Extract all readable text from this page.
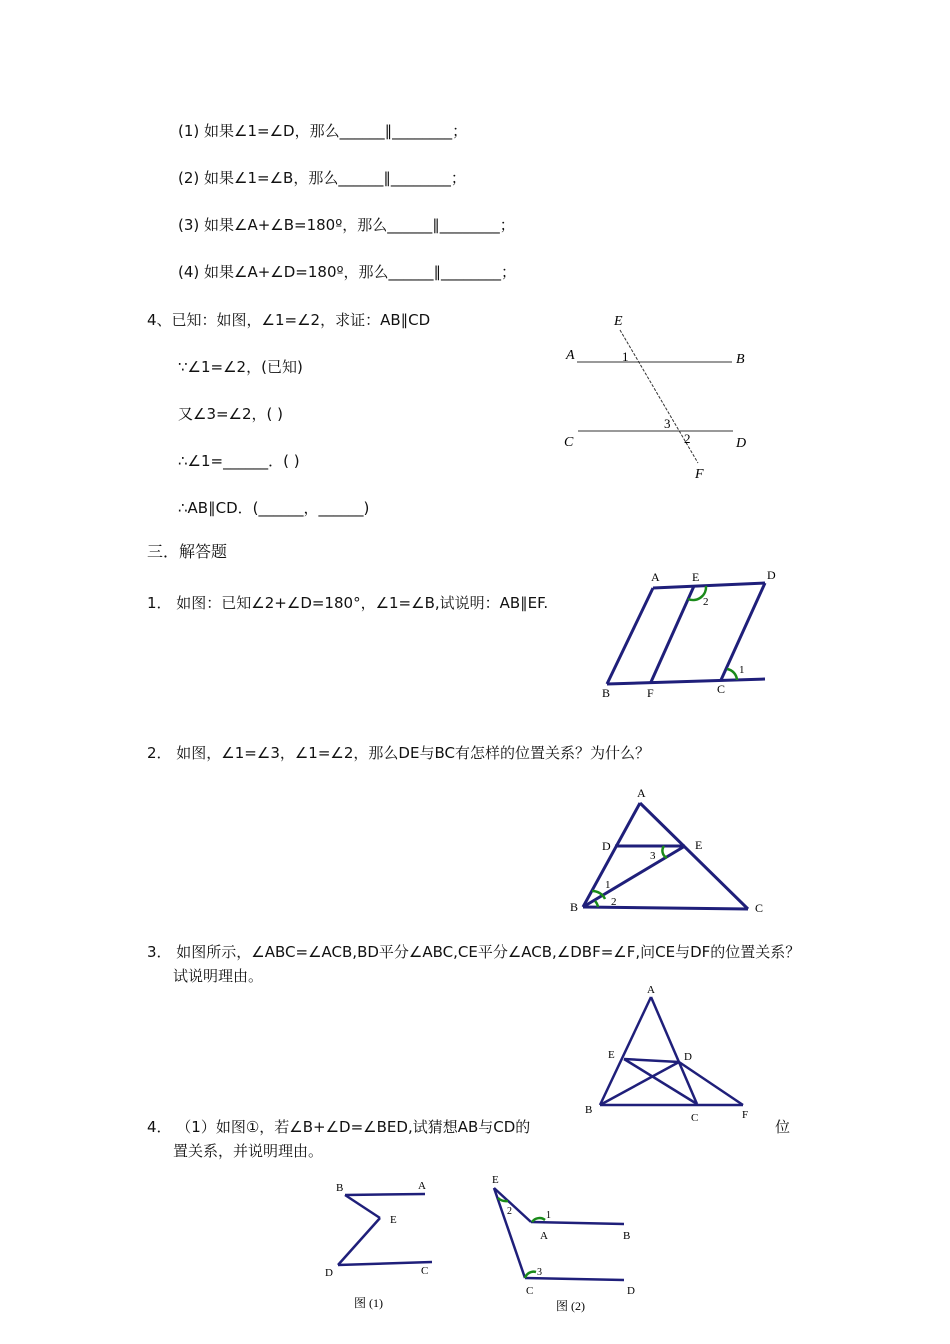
(1) 如果∠1=∠D，那么______∥________；
(2) 如果∠1=∠B，那么______∥________；
(3) 如果∠A+∠B=180º，那么______∥________；
(4) 如果∠A+∠D=180º，那么______∥________；
4、已知：如图，∠1=∠2，求证：AB∥CD
∵∠1=∠2，(已知)
又∠3=∠2，( )
∴∠1=______．( )
∴AB∥CD．(______，______)
E
A	B
C	D
F
1
3
2
三．解答题
1． 如图：已知∠2+∠D=180°，∠1=∠B,试说明：AB∥EF.
A	E	D
B	F	C
2
1
2． 如图，∠1=∠3，∠1=∠2，那么DE与BC有怎样的位置关系？为什么？
A
D	E
B	C
1
2
3
3． 如图所示，∠ABC=∠ACB,BD平分∠ABC,CE平分∠ACB,∠DBF=∠F,问CE与DF的位置关系？
试说明理由。
A
E	D
B
C	F
4． （1）如图①，若∠B+∠D=∠BED,试猜想AB与CD的	位
置关系，并说明理由。
B	A
E
D	C
图 (1)
E
A	B
C	D
1
2
3
图 (2)
